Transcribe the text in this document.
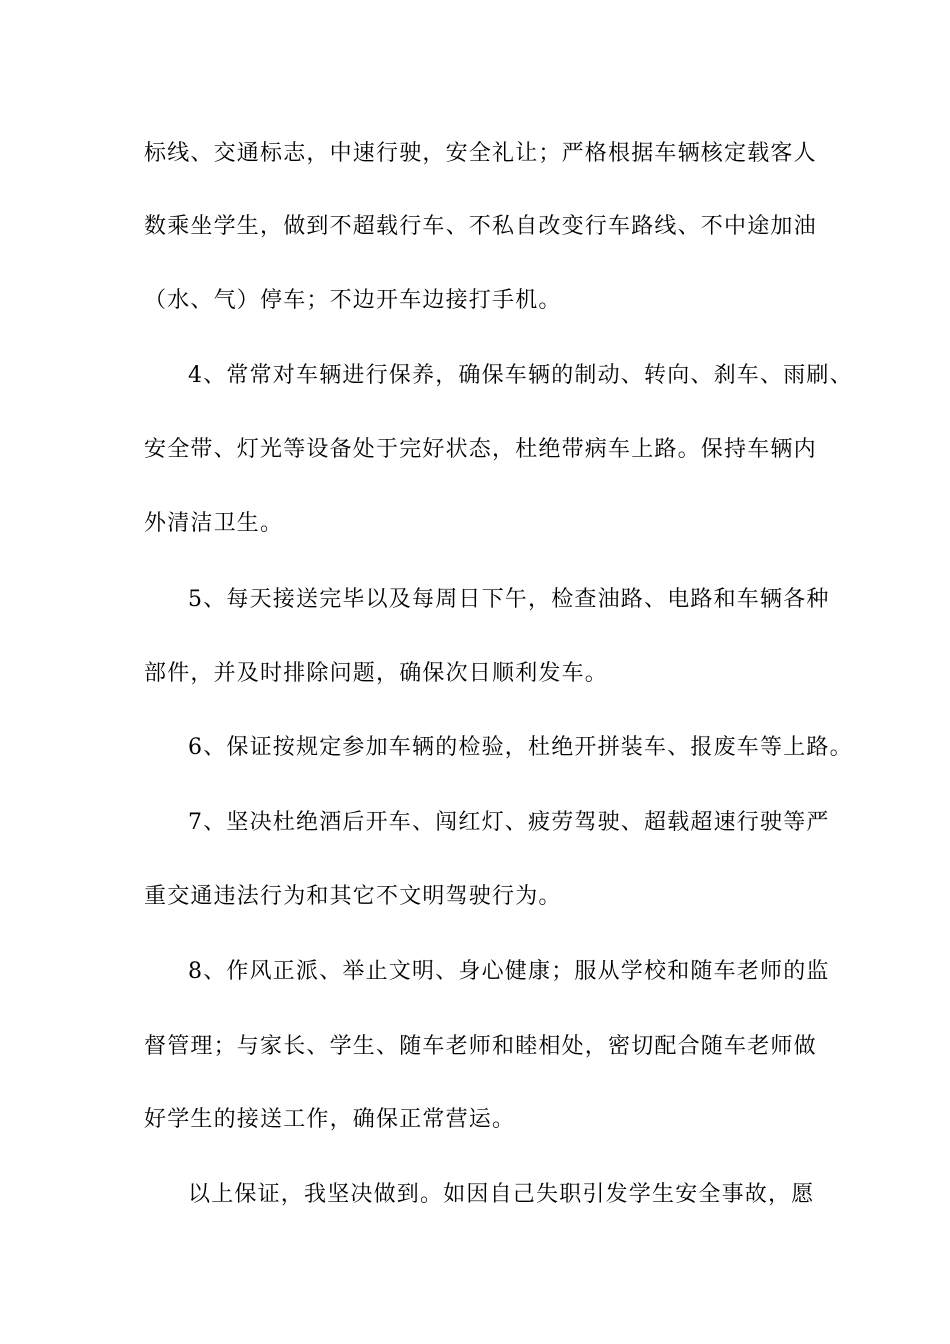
标线、交通标志，中速行驶，安全礼让；严格根据车辆核定载客人
数乘坐学生，做到不超载行车、不私自改变行车路线、不中途加油
（水、气）停车；不边开车边接打手机。
4、常常对车辆进行保养，确保车辆的制动、转向、刹车、雨刷、
安全带、灯光等设备处于完好状态，杜绝带病车上路。保持车辆内
外清洁卫生。
5、每天接送完毕以及每周日下午，检查油路、电路和车辆各种
部件，并及时排除问题，确保次日顺利发车。
6、保证按规定参加车辆的检验，杜绝开拼装车、报废车等上路。
7、坚决杜绝酒后开车、闯红灯、疲劳驾驶、超载超速行驶等严
重交通违法行为和其它不文明驾驶行为。
8、作风正派、举止文明、身心健康；服从学校和随车老师的监
督管理；与家长、学生、随车老师和睦相处，密切配合随车老师做
好学生的接送工作，确保正常营运。
以上保证，我坚决做到。如因自己失职引发学生安全事故，愿
